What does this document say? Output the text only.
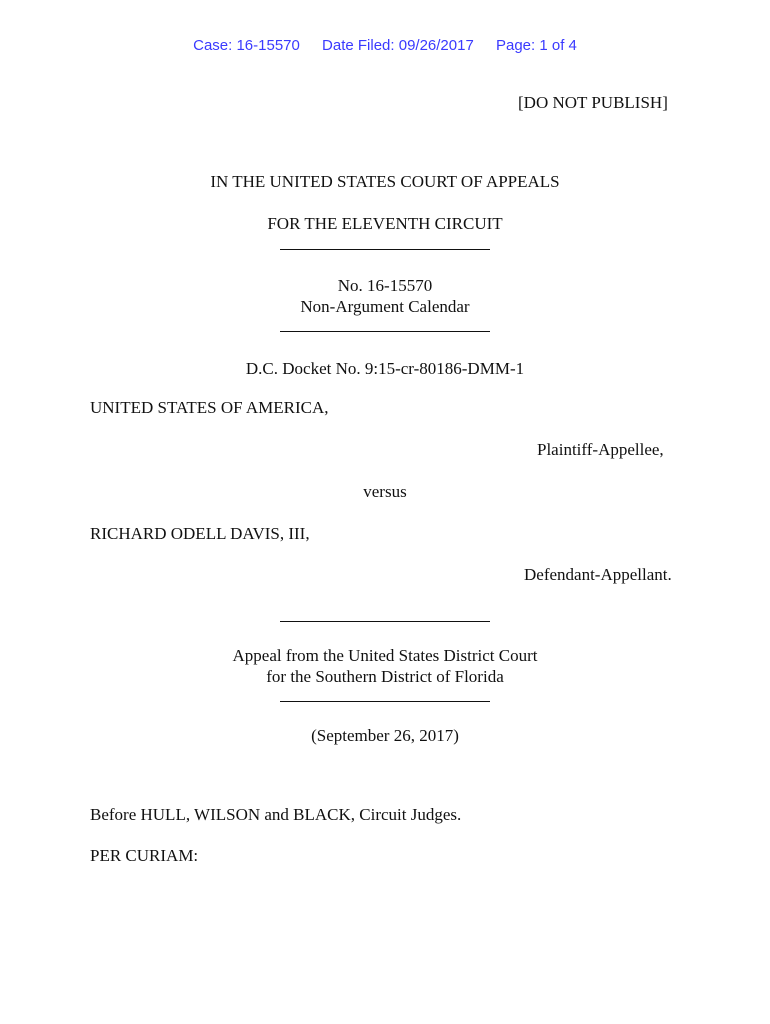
Case: 16-15570 Date Filed: 09/26/2017 Page: 1 of 4
[DO NOT PUBLISH]
IN THE UNITED STATES COURT OF APPEALS
FOR THE ELEVENTH CIRCUIT
No. 16-15570
Non-Argument Calendar
D.C. Docket No. 9:15-cr-80186-DMM-1
UNITED STATES OF AMERICA,
Plaintiff-Appellee,
versus
RICHARD ODELL DAVIS, III,
Defendant-Appellant.
Appeal from the United States District Court
for the Southern District of Florida
(September 26, 2017)
Before HULL, WILSON and BLACK, Circuit Judges.
PER CURIAM:
